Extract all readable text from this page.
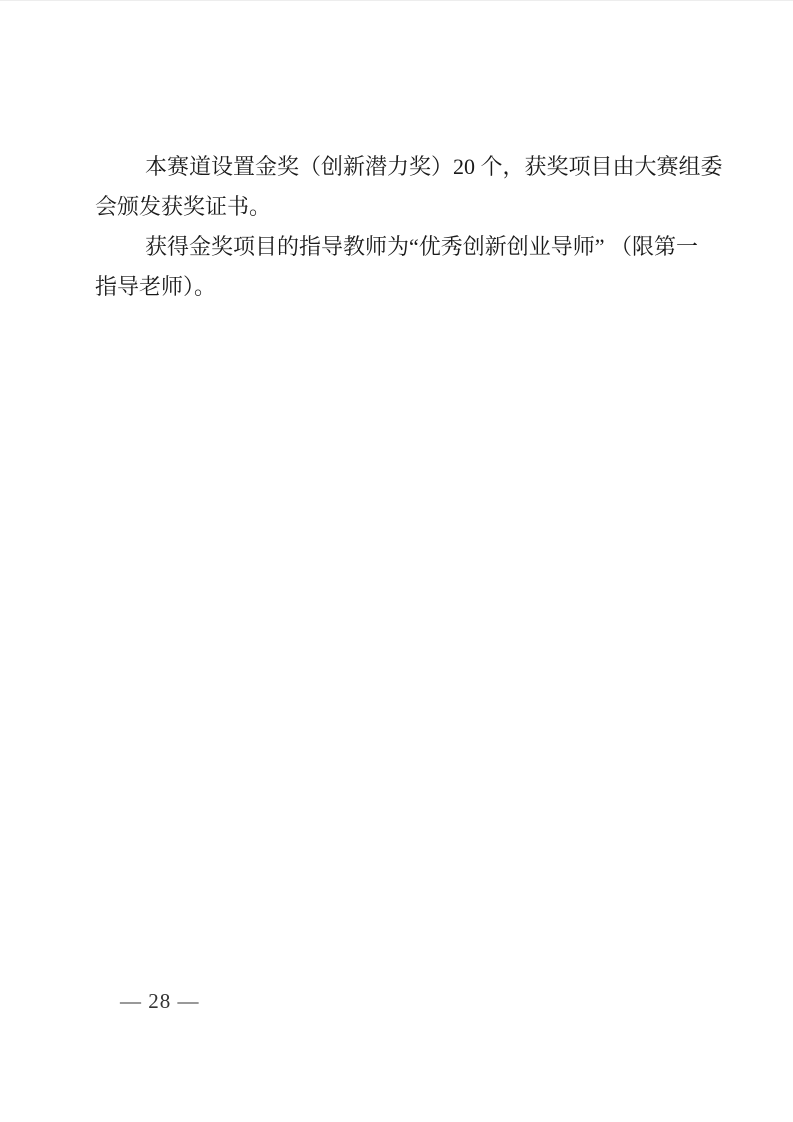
本赛道设置金奖（创新潜力奖）20 个，获奖项目由大赛组委
会颁发获奖证书。
获得金奖项目的指导教师为“优秀创新创业导师” （限第一
指导老师）。
— 28 —
